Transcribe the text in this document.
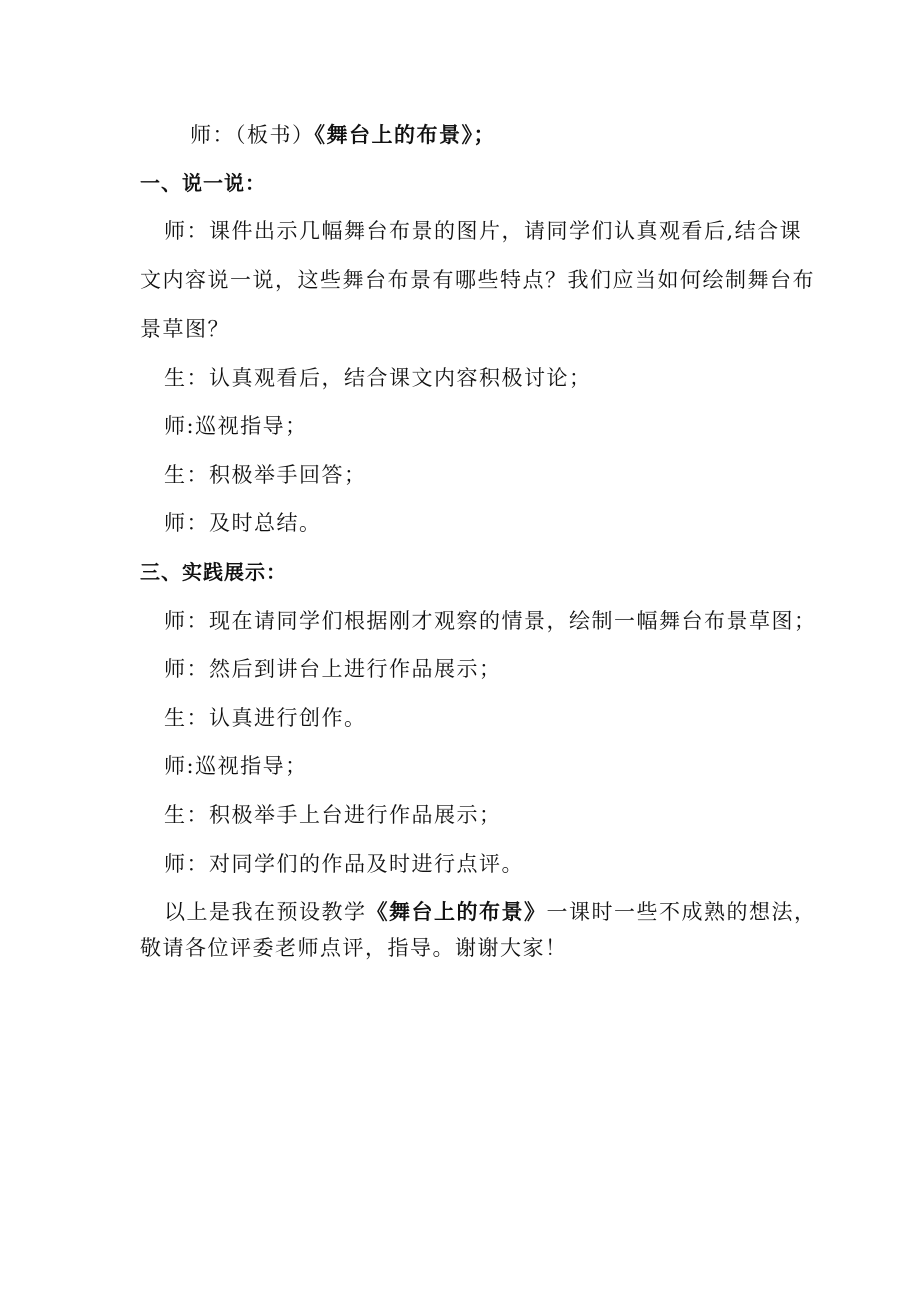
师：（板书）《舞台上的布景》；
一、说一说：
师：课件出示几幅舞台布景的图片，请同学们认真观看后,结合课
文内容说一说，这些舞台布景有哪些特点？我们应当如何绘制舞台布
景草图？
生：认真观看后，结合课文内容积极讨论；
师:巡视指导；
生：积极举手回答；
师：及时总结。
三、实践展示：
师：现在请同学们根据刚才观察的情景，绘制一幅舞台布景草图；
师：然后到讲台上进行作品展示；
生：认真进行创作。
师:巡视指导；
生：积极举手上台进行作品展示；
师：对同学们的作品及时进行点评。
以上是我在预设教学《舞台上的布景》一课时一些不成熟的想法，
敬请各位评委老师点评，指导。谢谢大家！
